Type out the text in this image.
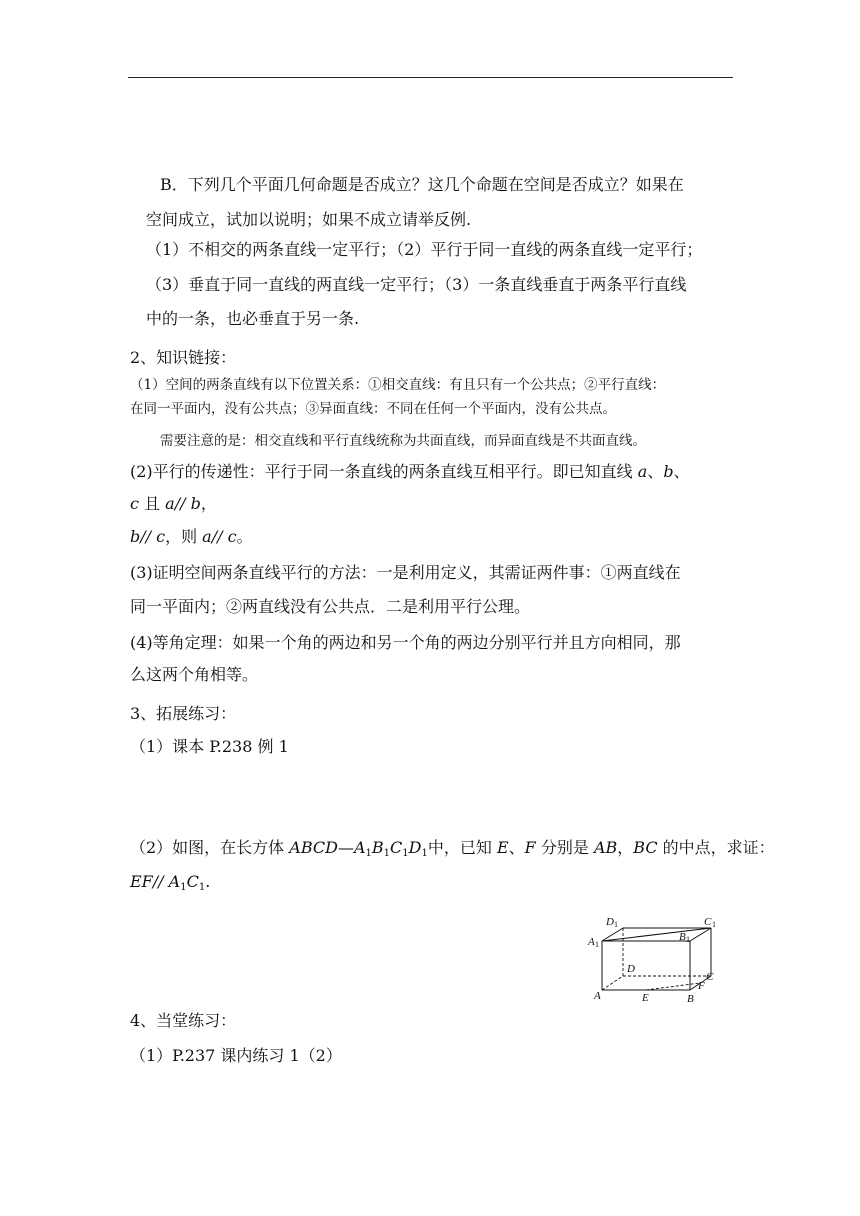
B．下列几个平面几何命题是否成立？这几个命题在空间是否成立？如果在
空间成立，试加以说明；如果不成立请举反例.
（1）不相交的两条直线一定平行；（2）平行于同一直线的两条直线一定平行；
（3）垂直于同一直线的两直线一定平行；（3）一条直线垂直于两条平行直线
中的一条，也必垂直于另一条.
2、知识链接：
（1）空间的两条直线有以下位置关系：①相交直线：有且只有一个公共点；②平行直线：
在同一平面内，没有公共点；③异面直线：不同在任何一个平面内，没有公共点。
需要注意的是：相交直线和平行直线统称为共面直线，而异面直线是不共面直线。
(2)平行的传递性：平行于同一条直线的两条直线互相平行。即已知直线 a、b、
c 且 a// b，
b// c，则 a// c。
(3)证明空间两条直线平行的方法：一是利用定义，其需证两件事：①两直线在
同一平面内；②两直线没有公共点．二是利用平行公理。
(4)等角定理：如果一个角的两边和另一个角的两边分别平行并且方向相同，那
么这两个角相等。
3、拓展练习：
（1）课本 P.238 例 1
（2）如图，在长方体 $ABCD—A_1B_1C_1D_1$中，已知 E、F 分别是 AB，BC 的中点，求证：
EF// $A_1C_1$.
D 1	C 1
A 1
B 1
D
C
F
A	E	B
4、当堂练习：
（1）P.237 课内练习 1（2）
